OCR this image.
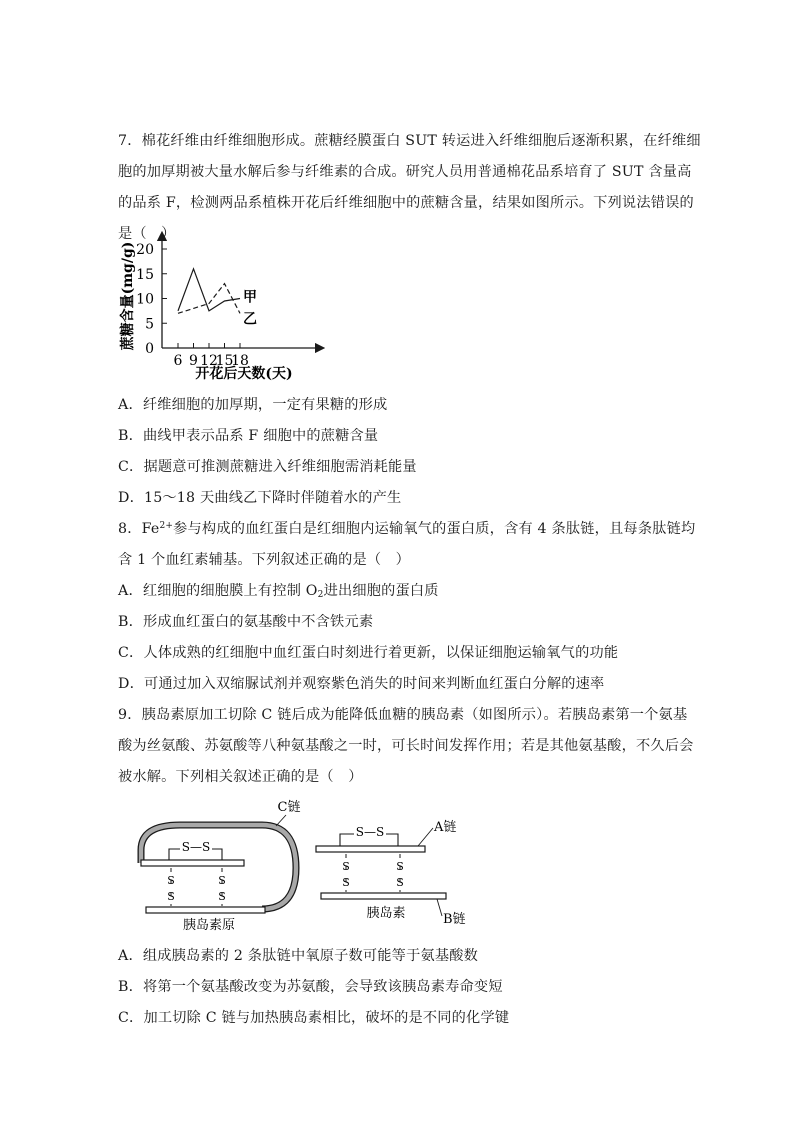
7．棉花纤维由纤维细胞形成。蔗糖经膜蛋白 SUT 转运进入纤维细胞后逐渐积累，在纤维细
胞的加厚期被大量水解后参与纤维素的合成。研究人员用普通棉花品系培育了 SUT 含量高
的品系 F，检测两品系植株开花后纤维细胞中的蔗糖含量，结果如图所示。下列说法错误的
是（　）
0
5
10
15
20
6 9 12
15
18
甲
乙
蔗糖含量(mg/g)
开花后天数(天)
A．纤维细胞的加厚期，一定有果糖的形成
B．曲线甲表示品系 F 细胞中的蔗糖含量
C．据题意可推测蔗糖进入纤维细胞需消耗能量
D．15～18 天曲线乙下降时伴随着水的产生
8．$Fe^{2+}$参与构成的血红蛋白是红细胞内运输氧气的蛋白质，含有 4 条肽链，且每条肽链均
含 1 个血红素辅基。下列叙述正确的是（　）
A．红细胞的细胞膜上有控制 $O_2$进出细胞的蛋白质
B．形成血红蛋白的氨基酸中不含铁元素
C．人体成熟的红细胞中血红蛋白时刻进行着更新，以保证细胞运输氧气的功能
D．可通过加入双缩脲试剂并观察紫色消失的时间来判断血红蛋白分解的速率
9．胰岛素原加工切除 C 链后成为能降低血糖的胰岛素（如图所示）。若胰岛素第一个氨基
酸为丝氨酸、苏氨酸等八种氨基酸之一时，可长时间发挥作用；若是其他氨基酸，不久后会
被水解。下列相关叙述正确的是（　）
S—S
S
S
S
S
C链
胰岛素原
S—S
S
S
S
S
A链
B链
胰岛素
A．组成胰岛素的 2 条肽链中氧原子数可能等于氨基酸数
B．将第一个氨基酸改变为苏氨酸，会导致该胰岛素寿命变短
C．加工切除 C 链与加热胰岛素相比，破坏的是不同的化学键
